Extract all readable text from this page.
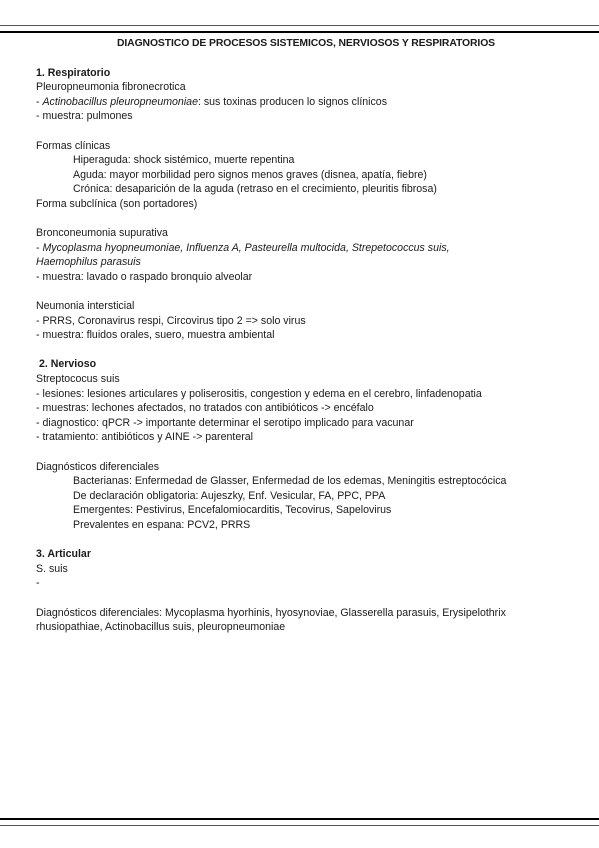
DIAGNOSTICO DE PROCESOS SISTEMICOS, NERVIOSOS Y RESPIRATORIOS

1. Respiratorio

Pleuropneumonia fibronecrotica

- Actinobacillus pleuropneumoniae: sus toxinas producen lo signos clínicos

- muestra: pulmones

Formas clínicas

Hiperaguda: shock sistémico, muerte repentina

Aguda: mayor morbilidad pero signos menos graves (disnea, apatía, fiebre)

Crónica: desaparición de la aguda (retraso en el crecimiento, pleuritis fibrosa)

Forma subclínica (son portadores)

Bronconeumonia supurativa

- Mycoplasma hyopneumoniae, Influenza A, Pasteurella multocida, Strepetococcus suis,

Haemophilus parasuis

- muestra: lavado o raspado bronquio alveolar

Neumonia intersticial

- PRRS, Coronavirus respi, Circovirus tipo 2 => solo virus

- muestra: fluidos orales, suero, muestra ambiental

2. Nervioso

Streptococus suis

- lesiones: lesiones articulares y poliserositis, congestion y edema en el cerebro, linfadenopatia

- muestras: lechones afectados, no tratados con antibióticos -> encéfalo

- diagnostico: qPCR -> importante determinar el serotipo implicado para vacunar

- tratamiento: antibióticos y AINE -> parenteral

Diagnósticos diferenciales

Bacterianas: Enfermedad de Glasser, Enfermedad de los edemas, Meningitis estreptocócica

De declaración obligatoria: Aujeszky, Enf. Vesicular, FA, PPC, PPA

Emergentes: Pestivirus, Encefalomiocarditis, Tecovirus, Sapelovirus

Prevalentes en espana: PCV2, PRRS

3. Articular

S. suis

-

Diagnósticos diferenciales: Mycoplasma hyorhinis, hyosynoviae, Glasserella parasuis, Erysipelothrix

rhusiopathiae, Actinobacillus suis, pleuropneumoniae
